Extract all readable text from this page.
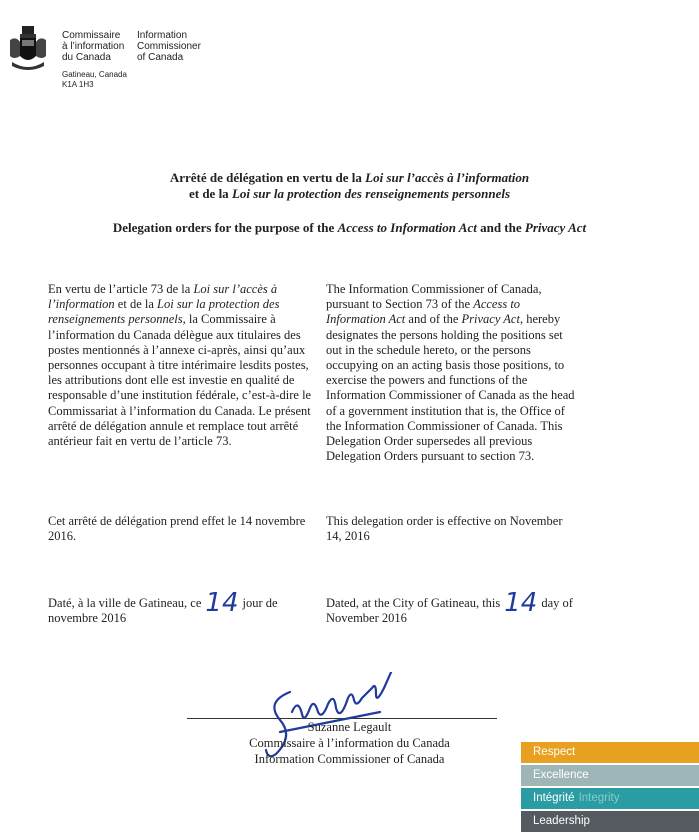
Commissaire
à l’information
du Canada
Information
Commissioner
of Canada
Gatineau, Canada
K1A 1H3
Arrêté de délégation en vertu de la Loi sur l’accès à l’information
et de la Loi sur la protection des renseignements personnels
Delegation orders for the purpose of the Access to Information Act and the Privacy Act
En vertu de l’article 73 de la Loi sur l’accès à l’information et de la Loi sur la protection des renseignements personnels, la Commissaire à l’information du Canada délègue aux titulaires des postes mentionnés à l’annexe ci-après, ainsi qu’aux personnes occupant à titre intérimaire lesdits postes, les attributions dont elle est investie en qualité de responsable d’une institution fédérale, c’est-à-dire le Commissariat à l’information du Canada. Le présent arrêté de délégation annule et remplace tout arrêté antérieur fait en vertu de l’article 73.
Cet arrêté de délégation prend effet le 14 novembre 2016.
Daté, à la ville de Gatineau, ce 14 jour de novembre 2016
The Information Commissioner of Canada, pursuant to Section 73 of the Access to Information Act and of the Privacy Act, hereby designates the persons holding the positions set out in the schedule hereto, or the persons occupying on an acting basis those positions, to exercise the powers and functions of the Information Commissioner of Canada as the head of a government institution that is, the Office of the Information Commissioner of Canada. This Delegation Order supersedes all previous Delegation Orders pursuant to section 73.
This delegation order is effective on November 14, 2016
Dated, at the City of Gatineau, this 14 day of November 2016
Suzanne Legault
Commissaire à l’information du Canada
Information Commissioner of Canada	Respect
Excellence
Intégrité Integrity
Leadership
